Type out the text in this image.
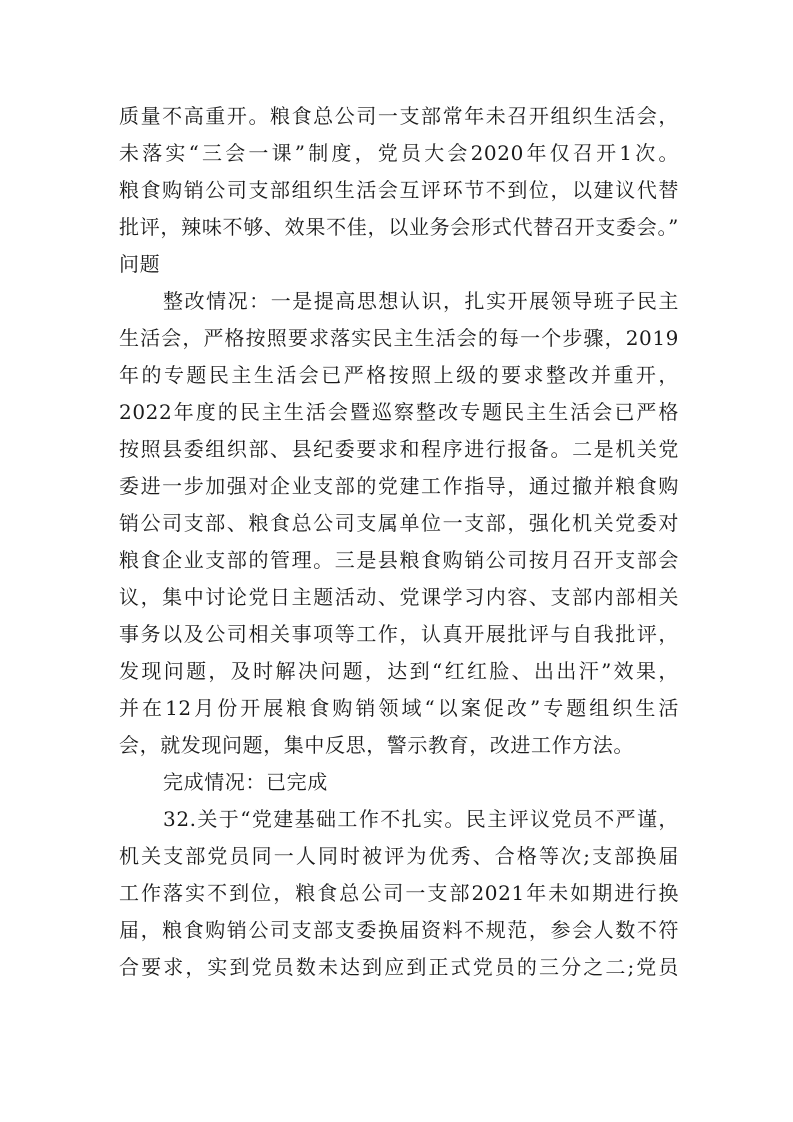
质量不高重开。粮食总公司一支部常年未召开组织生活会，
未落实“三会一课”制度，党员大会2020年仅召开1次。
粮食购销公司支部组织生活会互评环节不到位，以建议代替
批评，辣味不够、效果不佳，以业务会形式代替召开支委会。”
问题
整改情况：一是提高思想认识，扎实开展领导班子民主
生活会，严格按照要求落实民主生活会的每一个步骤，2019
年的专题民主生活会已严格按照上级的要求整改并重开，
2022年度的民主生活会暨巡察整改专题民主生活会已严格
按照县委组织部、县纪委要求和程序进行报备。二是机关党
委进一步加强对企业支部的党建工作指导，通过撤并粮食购
销公司支部、粮食总公司支属单位一支部，强化机关党委对
粮食企业支部的管理。三是县粮食购销公司按月召开支部会
议，集中讨论党日主题活动、党课学习内容、支部内部相关
事务以及公司相关事项等工作，认真开展批评与自我批评，
发现问题，及时解决问题，达到“红红脸、出出汗”效果，
并在12月份开展粮食购销领域“以案促改”专题组织生活
会，就发现问题，集中反思，警示教育，改进工作方法。
完成情况：已完成
32.关于“党建基础工作不扎实。民主评议党员不严谨，
机关支部党员同一人同时被评为优秀、合格等次;支部换届
工作落实不到位，粮食总公司一支部2021年未如期进行换
届，粮食购销公司支部支委换届资料不规范，参会人数不符
合要求，实到党员数未达到应到正式党员的三分之二;党员
